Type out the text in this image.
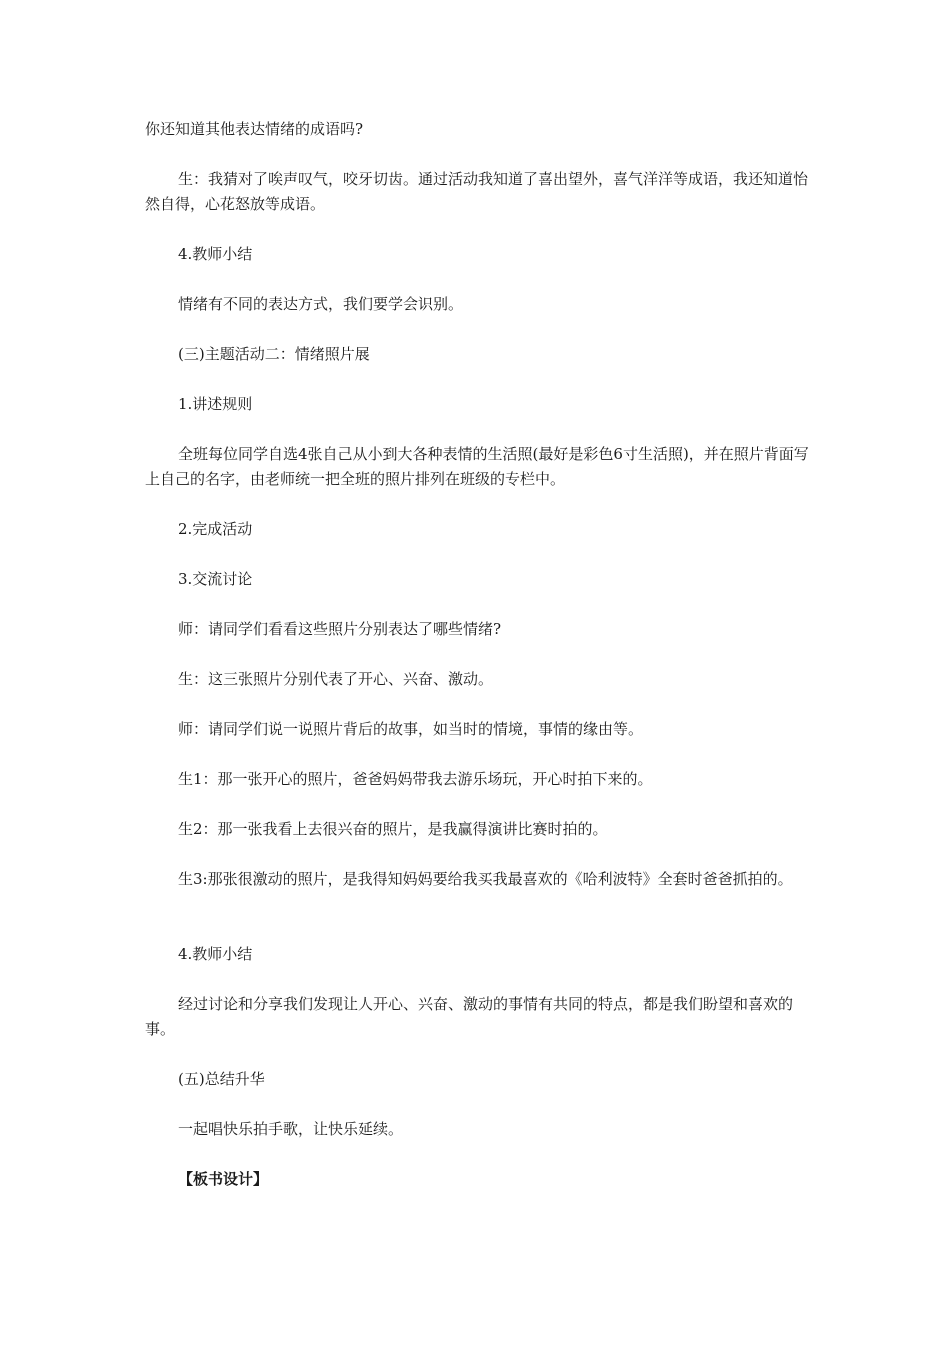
你还知道其他表达情绪的成语吗?

生：我猜对了唉声叹气，咬牙切齿。通过活动我知道了喜出望外，喜气洋洋等成语，我还知道怡然自得，心花怒放等成语。

4.教师小结

情绪有不同的表达方式，我们要学会识别。

(三)主题活动二：情绪照片展

1.讲述规则

全班每位同学自选4张自己从小到大各种表情的生活照(最好是彩色6寸生活照)，并在照片背面写上自己的名字，由老师统一把全班的照片排列在班级的专栏中。

2.完成活动

3.交流讨论

师：请同学们看看这些照片分别表达了哪些情绪?

生：这三张照片分别代表了开心、兴奋、激动。

师：请同学们说一说照片背后的故事，如当时的情境，事情的缘由等。

生1：那一张开心的照片，爸爸妈妈带我去游乐场玩，开心时拍下来的。

生2：那一张我看上去很兴奋的照片，是我赢得演讲比赛时拍的。

生3:那张很激动的照片，是我得知妈妈要给我买我最喜欢的《哈利波特》全套时爸爸抓拍的。

4.教师小结

经过讨论和分享我们发现让人开心、兴奋、激动的事情有共同的特点，都是我们盼望和喜欢的事。

(五)总结升华

一起唱快乐拍手歌，让快乐延续。

【板书设计】
